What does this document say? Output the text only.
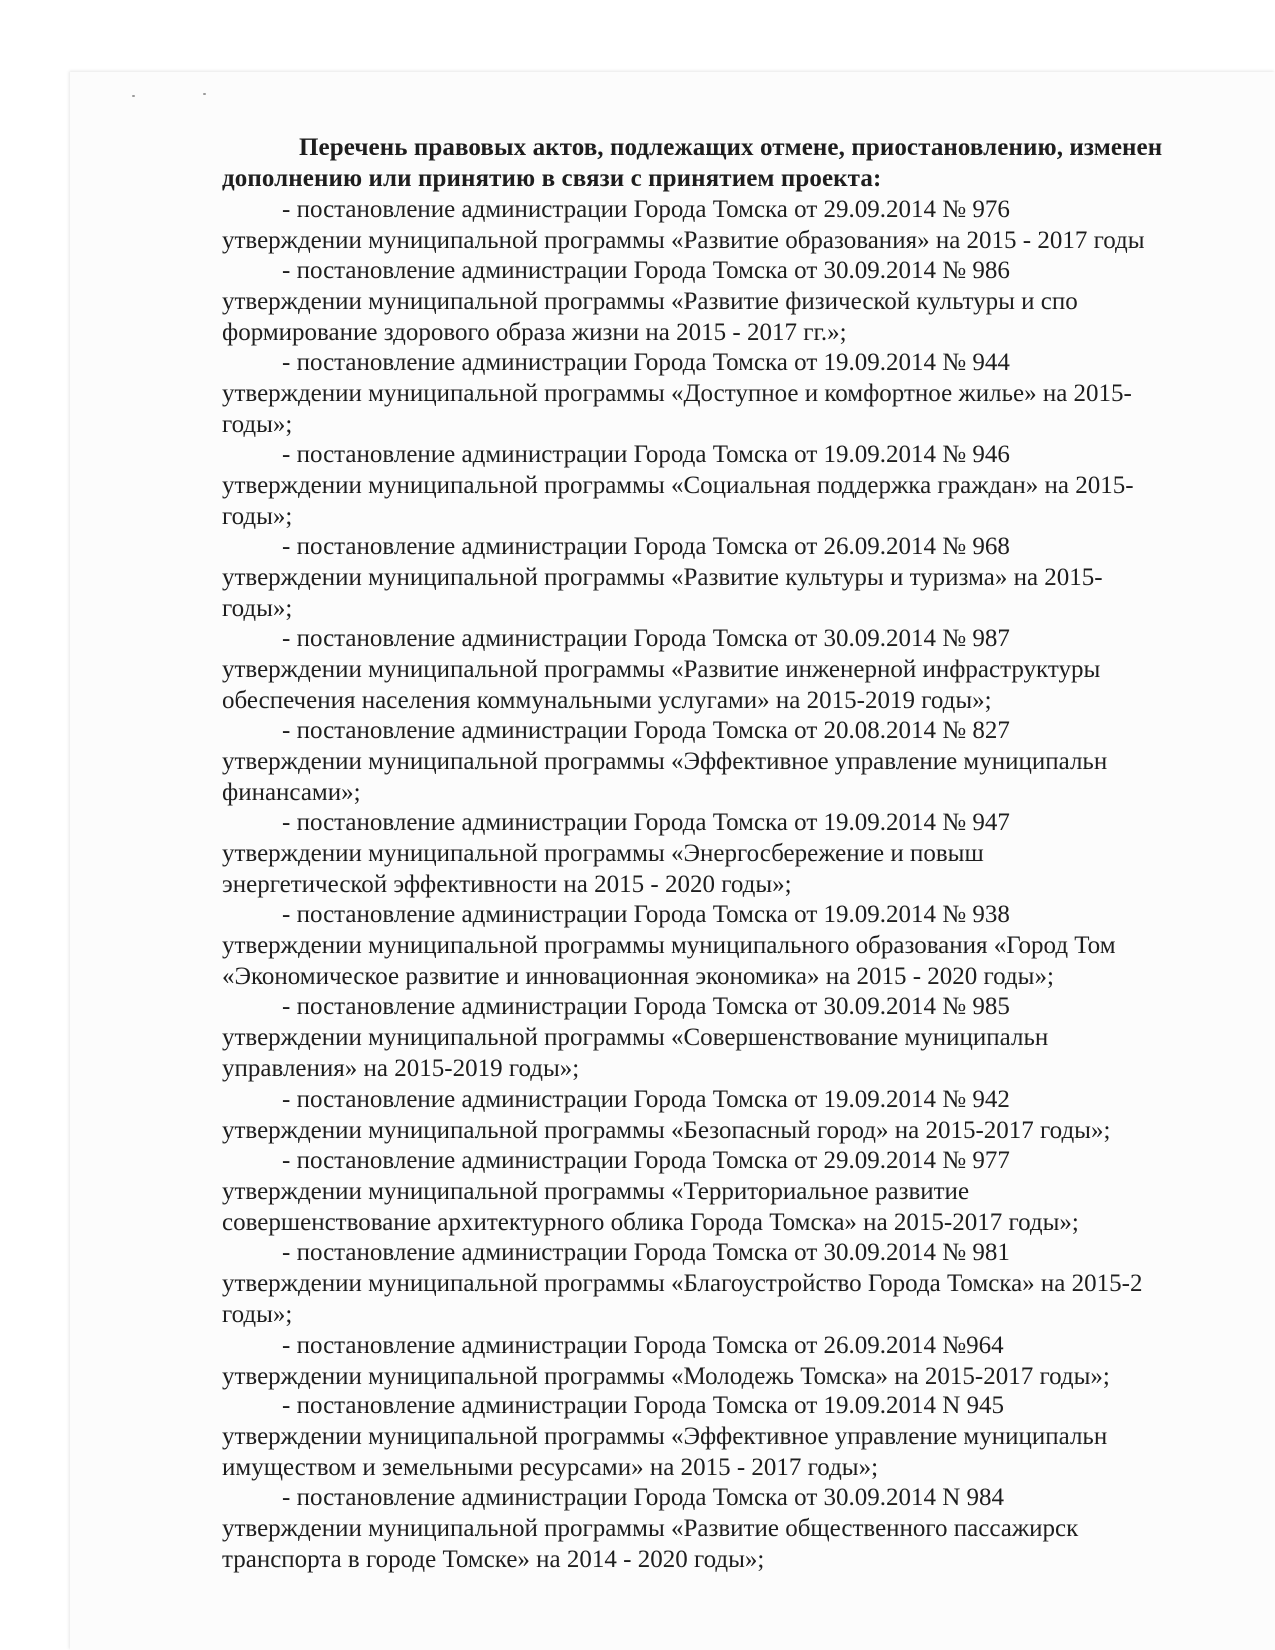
Перечень правовых актов, подлежащих отмене, приостановлению, изменен
дополнению или принятию в связи с принятием проекта:
- постановление администрации Города Томска от 29.09.2014 № 976
утверждении муниципальной программы «Развитие образования» на 2015 - 2017 годы
- постановление администрации Города Томска от 30.09.2014 № 986
утверждении муниципальной программы «Развитие физической культуры и спо
формирование здорового образа жизни на 2015 - 2017 гг.»;
- постановление администрации Города Томска от 19.09.2014 № 944
утверждении муниципальной программы «Доступное и комфортное жилье» на 2015-
годы»;
- постановление администрации Города Томска от 19.09.2014 № 946
утверждении муниципальной программы «Социальная поддержка граждан» на 2015-
годы»;
- постановление администрации Города Томска от 26.09.2014 № 968
утверждении муниципальной программы «Развитие культуры и туризма» на 2015-
годы»;
- постановление администрации Города Томска от 30.09.2014 № 987
утверждении муниципальной программы «Развитие инженерной инфраструктуры
обеспечения населения коммунальными услугами» на 2015-2019 годы»;
- постановление администрации Города Томска от 20.08.2014 № 827
утверждении муниципальной программы «Эффективное управление муниципальн
финансами»;
- постановление администрации Города Томска от 19.09.2014 № 947
утверждении муниципальной программы «Энергосбережение и повыш
энергетической эффективности на 2015 - 2020 годы»;
- постановление администрации Города Томска от 19.09.2014 № 938
утверждении муниципальной программы муниципального образования «Город Том
«Экономическое развитие и инновационная экономика» на 2015 - 2020 годы»;
- постановление администрации Города Томска от 30.09.2014 № 985
утверждении муниципальной программы «Совершенствование муниципальн
управления» на 2015-2019 годы»;
- постановление администрации Города Томска от 19.09.2014 № 942
утверждении муниципальной программы «Безопасный город» на 2015-2017 годы»;
- постановление администрации Города Томска от 29.09.2014 № 977
утверждении муниципальной программы «Территориальное развитие
совершенствование архитектурного облика Города Томска» на 2015-2017 годы»;
- постановление администрации Города Томска от 30.09.2014 № 981
утверждении муниципальной программы «Благоустройство Города Томска» на 2015-2
годы»;
- постановление администрации Города Томска от 26.09.2014 №964
утверждении муниципальной программы «Молодежь Томска» на 2015-2017 годы»;
- постановление администрации Города Томска от 19.09.2014 N 945
утверждении муниципальной программы «Эффективное управление муниципальн
имуществом и земельными ресурсами» на 2015 - 2017 годы»;
- постановление администрации Города Томска от 30.09.2014 N 984
утверждении муниципальной программы «Развитие общественного пассажирск
транспорта в городе Томске» на 2014 - 2020 годы»;
